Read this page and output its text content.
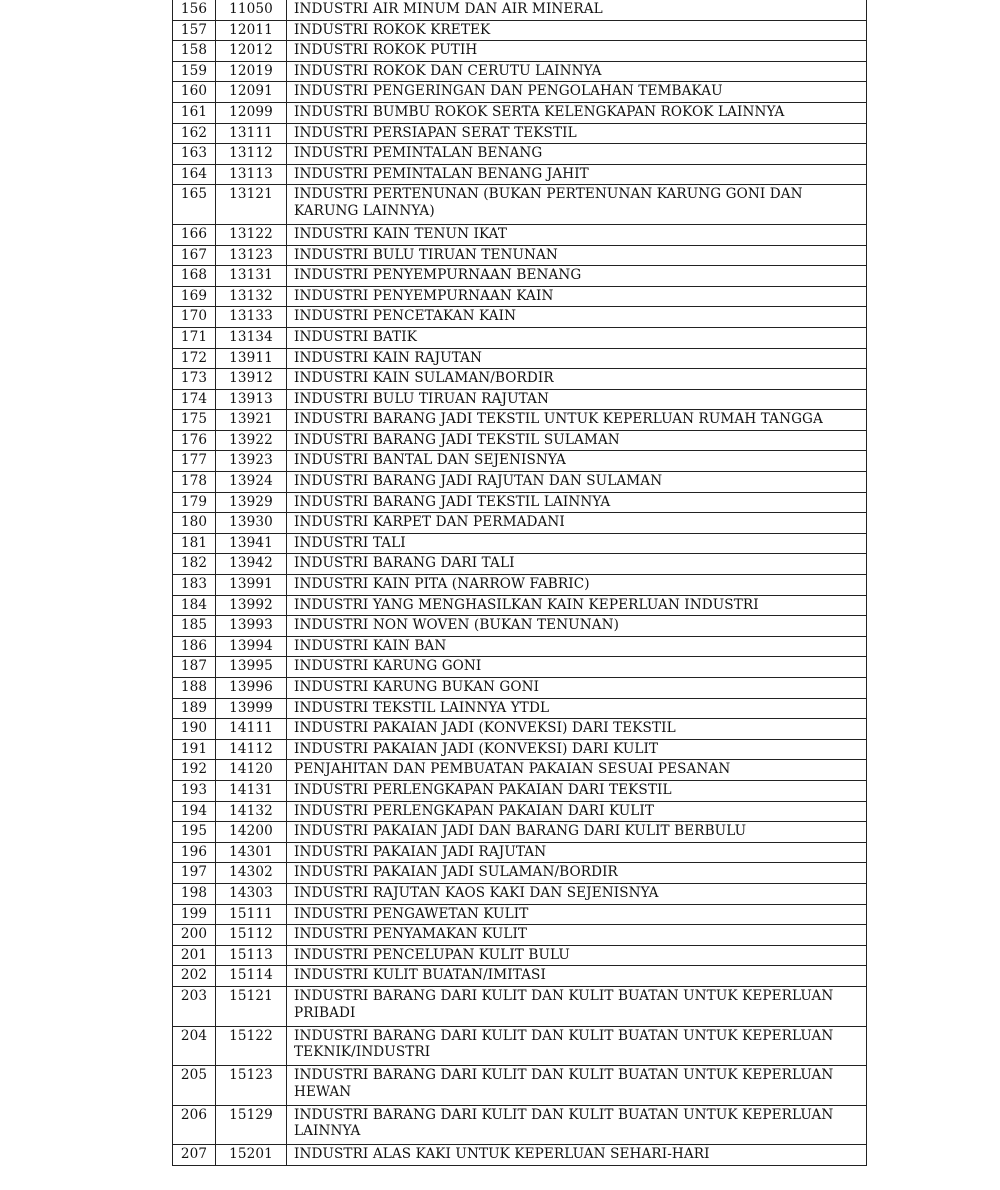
156	11050	INDUSTRI AIR MINUM DAN AIR MINERAL
157	12011	INDUSTRI ROKOK KRETEK
158	12012	INDUSTRI ROKOK PUTIH
159	12019	INDUSTRI ROKOK DAN CERUTU LAINNYA
160	12091	INDUSTRI PENGERINGAN DAN PENGOLAHAN TEMBAKAU
161	12099	INDUSTRI BUMBU ROKOK SERTA KELENGKAPAN ROKOK LAINNYA
162	13111	INDUSTRI PERSIAPAN SERAT TEKSTIL
163	13112	INDUSTRI PEMINTALAN BENANG
164	13113	INDUSTRI PEMINTALAN BENANG JAHIT
165	13121	INDUSTRI PERTENUNAN (BUKAN PERTENUNAN KARUNG GONI DAN KARUNG LAINNYA)
166	13122	INDUSTRI KAIN TENUN IKAT
167	13123	INDUSTRI BULU TIRUAN TENUNAN
168	13131	INDUSTRI PENYEMPURNAAN BENANG
169	13132	INDUSTRI PENYEMPURNAAN KAIN
170	13133	INDUSTRI PENCETAKAN KAIN
171	13134	INDUSTRI BATIK
172	13911	INDUSTRI KAIN RAJUTAN
173	13912	INDUSTRI KAIN SULAMAN/BORDIR
174	13913	INDUSTRI BULU TIRUAN RAJUTAN
175	13921	INDUSTRI BARANG JADI TEKSTIL UNTUK KEPERLUAN RUMAH TANGGA
176	13922	INDUSTRI BARANG JADI TEKSTIL SULAMAN
177	13923	INDUSTRI BANTAL DAN SEJENISNYA
178	13924	INDUSTRI BARANG JADI RAJUTAN DAN SULAMAN
179	13929	INDUSTRI BARANG JADI TEKSTIL LAINNYA
180	13930	INDUSTRI KARPET DAN PERMADANI
181	13941	INDUSTRI TALI
182	13942	INDUSTRI BARANG DARI TALI
183	13991	INDUSTRI KAIN PITA (NARROW FABRIC)
184	13992	INDUSTRI YANG MENGHASILKAN KAIN KEPERLUAN INDUSTRI
185	13993	INDUSTRI NON WOVEN (BUKAN TENUNAN)
186	13994	INDUSTRI KAIN BAN
187	13995	INDUSTRI KARUNG GONI
188	13996	INDUSTRI KARUNG BUKAN GONI
189	13999	INDUSTRI TEKSTIL LAINNYA YTDL
190	14111	INDUSTRI PAKAIAN JADI (KONVEKSI) DARI TEKSTIL
191	14112	INDUSTRI PAKAIAN JADI (KONVEKSI) DARI KULIT
192	14120	PENJAHITAN DAN PEMBUATAN PAKAIAN SESUAI PESANAN
193	14131	INDUSTRI PERLENGKAPAN PAKAIAN DARI TEKSTIL
194	14132	INDUSTRI PERLENGKAPAN PAKAIAN DARI KULIT
195	14200	INDUSTRI PAKAIAN JADI DAN BARANG DARI KULIT BERBULU
196	14301	INDUSTRI PAKAIAN JADI RAJUTAN
197	14302	INDUSTRI PAKAIAN JADI SULAMAN/BORDIR
198	14303	INDUSTRI RAJUTAN KAOS KAKI DAN SEJENISNYA
199	15111	INDUSTRI PENGAWETAN KULIT
200	15112	INDUSTRI PENYAMAKAN KULIT
201	15113	INDUSTRI PENCELUPAN KULIT BULU
202	15114	INDUSTRI KULIT BUATAN/IMITASI
203	15121	INDUSTRI BARANG DARI KULIT DAN KULIT BUATAN UNTUK KEPERLUAN PRIBADI
204	15122	INDUSTRI BARANG DARI KULIT DAN KULIT BUATAN UNTUK KEPERLUAN TEKNIK/INDUSTRI
205	15123	INDUSTRI BARANG DARI KULIT DAN KULIT BUATAN UNTUK KEPERLUAN HEWAN
206	15129	INDUSTRI BARANG DARI KULIT DAN KULIT BUATAN UNTUK KEPERLUAN LAINNYA
207	15201	INDUSTRI ALAS KAKI UNTUK KEPERLUAN SEHARI-HARI
